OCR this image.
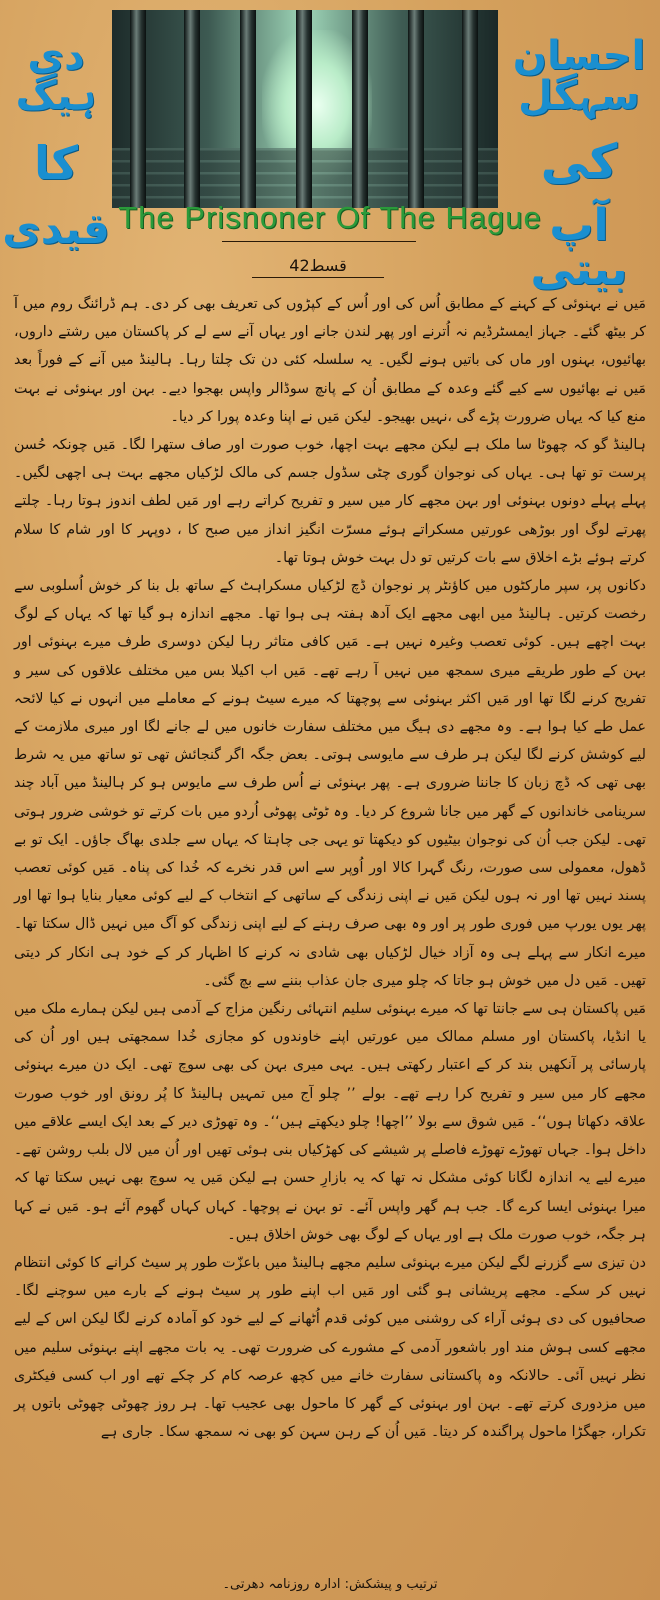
دی ہیگ
کا
قیدی
احسان سہگل
کی
آپ بیتی
The Prisnoner Of The Hague
قسط42

مَیں نے بہنوئی کے کہنے کے مطابق اُس کی اور اُس کے کپڑوں کی تعریف بھی کر دی۔ ہم ڈرائنگ روم میں آ کر بیٹھ گئے۔ جہاز ایمسٹرڈیم نہ اُترنے اور پھر لندن جانے اور یہاں آنے سے لے کر پاکستان میں رشتے داروں، بھائیوں، بہنوں اور ماں کی باتیں ہونے لگیں۔ یہ سلسلہ کئی دن تک چلتا رہا۔ ہالینڈ میں آنے کے فوراً بعد مَیں نے بھائیوں سے کیے گئے وعدہ کے مطابق اُن کے پانچ سوڈالر واپس بھجوا دیے۔ بہن اور بہنوئی نے بہت منع کیا کہ یہاں ضرورت پڑے گی ،نہیں بھیجو۔ لیکن مَیں نے اپنا وعدہ پورا کر دیا۔

ہالینڈ گو کہ چھوٹا سا ملک ہے لیکن مجھے بہت اچھا، خوب صورت اور صاف ستھرا لگا۔ مَیں چونکہ حُسن پرست تو تھا ہی۔ یہاں کی نوجوان گوری چٹی سڈول جسم کی مالک لڑکیاں مجھے بہت ہی اچھی لگیں۔ پہلے پہلے دونوں بہنوئی اور بہن مجھے کار میں سیر و تفریح کراتے رہے اور مَیں لطف اندوز ہوتا رہا۔ چلتے پھرتے لوگ اور بوڑھی عورتیں مسکراتے ہوئے مسرّت انگیز انداز میں صبح کا ، دوپہر کا اور شام کا سلام کرتے ہوئے بڑے اخلاق سے بات کرتیں تو دل بہت خوش ہوتا تھا۔

دکانوں پر، سپر مارکٹوں میں کاؤنٹر پر نوجوان ڈچ لڑکیاں مسکراہٹ کے ساتھ بل بنا کر خوش اُسلوبی سے رخصت کرتیں۔ ہالینڈ میں ابھی مجھے ایک آدھ ہفتہ ہی ہوا تھا۔ مجھے اندازہ ہو گیا تھا کہ یہاں کے لوگ بہت اچھے ہیں۔ کوئی تعصب وغیرہ نہیں ہے۔ مَیں کافی متاثر رہا لیکن دوسری طرف میرے بہنوئی اور بہن کے طور طریقے میری سمجھ میں نہیں آ رہے تھے۔ مَیں اب اکیلا بس میں مختلف علاقوں کی سیر و تفریح کرنے لگا تھا اور مَیں اکثر بہنوئی سے پوچھتا کہ میرے سیٹ ہونے کے معاملے میں انہوں نے کیا لائحہ عمل طے کیا ہوا ہے۔ وہ مجھے دی ہیگ میں مختلف سفارت خانوں میں لے جانے لگا اور میری ملازمت کے لیے کوشش کرنے لگا لیکن ہر طرف سے مایوسی ہوتی۔ بعض جگہ اگر گنجائش تھی تو ساتھ میں یہ شرط بھی تھی کہ ڈچ زبان کا جاننا ضروری ہے۔ پھر بہنوئی نے اُس طرف سے مایوس ہو کر ہالینڈ میں آباد چند سرینامی خاندانوں کے گھر میں جانا شروع کر دیا۔ وہ ٹوٹی پھوٹی اُردو میں بات کرتے تو خوشی ضرور ہوتی تھی۔ لیکن جب اُن کی نوجوان بیٹیوں کو دیکھتا تو یہی جی چاہتا کہ یہاں سے جلدی بھاگ جاؤں۔ ایک تو بے ڈھول، معمولی سی صورت، رنگ گہرا کالا اور اُوپر سے اس قدر نخرے کہ خُدا کی پناہ۔ مَیں کوئی تعصب پسند نہیں تھا اور نہ ہوں لیکن مَیں نے اپنی زندگی کے ساتھی کے انتخاب کے لیے کوئی معیار بنایا ہوا تھا اور پھر یوں یورپ میں فوری طور پر اور وہ بھی صرف رہنے کے لیے اپنی زندگی کو آگ میں نہیں ڈال سکتا تھا۔ میرے انکار سے پہلے ہی وہ آزاد خیال لڑکیاں بھی شادی نہ کرنے کا اظہار کر کے خود ہی انکار کر دیتی تھیں۔ مَیں دل میں خوش ہو جاتا کہ چلو میری جان عذاب بننے سے بچ گئی۔

مَیں پاکستان ہی سے جانتا تھا کہ میرے بہنوئی سلیم انتہائی رنگین مزاج کے آدمی ہیں لیکن ہمارے ملک میں یا انڈیا، پاکستان اور مسلم ممالک میں عورتیں اپنے خاوندوں کو مجازی خُدا سمجھتی ہیں اور اُن کی پارسائی پر آنکھیں بند کر کے اعتبار رکھتی ہیں۔ یہی میری بہن کی بھی سوچ تھی۔ ایک دن میرے بہنوئی مجھے کار میں سیر و تفریح کرا رہے تھے۔ بولے ’’ چلو آج میں تمہیں ہالینڈ کا پُر رونق اور خوب صورت علاقہ دکھاتا ہوں‘‘۔ مَیں شوق سے بولا ’’اچھا! چلو دیکھتے ہیں‘‘۔ وہ تھوڑی دیر کے بعد ایک ایسے علاقے میں داخل ہوا۔ جہاں تھوڑے تھوڑے فاصلے پر شیشے کی کھڑکیاں بنی ہوئی تھیں اور اُن میں لال بلب روشن تھے۔ میرے لیے یہ اندازہ لگانا کوئی مشکل نہ تھا کہ یہ بازارِ حسن ہے لیکن مَیں یہ سوچ بھی نہیں سکتا تھا کہ میرا بہنوئی ایسا کرے گا۔ جب ہم گھر واپس آئے۔ تو بہن نے پوچھا۔ کہاں کہاں گھوم آئے ہو۔ مَیں نے کہا ہر جگہ، خوب صورت ملک ہے اور یہاں کے لوگ بھی خوش اخلاق ہیں۔

دن تیزی سے گزرنے لگے لیکن میرے بہنوئی سلیم مجھے ہالینڈ میں باعزّت طور پر سیٹ کرانے کا کوئی انتظام نہیں کر سکے۔ مجھے پریشانی ہو گئی اور مَیں اب اپنے طور پر سیٹ ہونے کے بارے میں سوچنے لگا۔ صحافیوں کی دی ہوئی آراء کی روشنی میں کوئی قدم اُٹھانے کے لیے خود کو آمادہ کرنے لگا لیکن اس کے لیے مجھے کسی ہوش مند اور باشعور آدمی کے مشورے کی ضرورت تھی۔ یہ بات مجھے اپنے بہنوئی سلیم میں نظر نہیں آئی۔ حالانکہ وہ پاکستانی سفارت خانے میں کچھ عرصہ کام کر چکے تھے اور اب کسی فیکٹری میں مزدوری کرتے تھے۔ بہن اور بہنوئی کے گھر کا ماحول بھی عجیب تھا۔ ہر روز چھوٹی چھوٹی باتوں پر تکرار، جھگڑا ماحول پراگندہ کر دیتا۔ مَیں اُن کے رہن سہن کو بھی نہ سمجھ سکا۔ جاری ہے

ترتیب و پیشکش: ادارہ روزنامہ دھرتی۔
